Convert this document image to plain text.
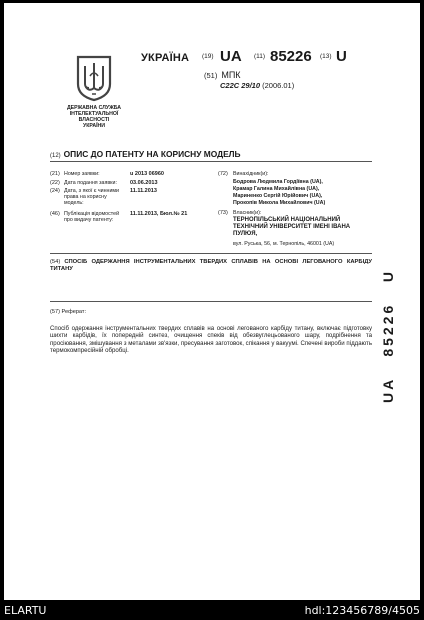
ДЕРЖАВНА СЛУЖБА
ІНТЕЛЕКТУАЛЬНОЇ
ВЛАСНОСТІ
УКРАЇНИ
УКРАЇНА (19) UA (11) 85226 (13) U
(51) МПК
C22C 29/10 (2006.01)
(12) ОПИС ДО ПАТЕНТУ НА КОРИСНУ МОДЕЛЬ
(21) Номер заявки:	u 2013 06960
(22) Дата подання заявки:	03.06.2013
(24) Дата, з якої є чинними права на корисну модель:
11.11.2013
(46) Публікація відомостей про видачу патенту:
11.11.2013, Бюл.№ 21
(72) Винахідник(и):
Бодрова Людмила Гордіївна (UA),
Крамар Галина Михайлівна (UA),
Мариненко Сергій Юрійович (UA),
Прокопів Микола Михайлович (UA)
(73) Власник(и):
ТЕРНОПІЛЬСЬКИЙ НАЦІОНАЛЬНИЙ
ТЕХНІЧНИЙ УНІВЕРСИТЕТ ІМЕНІ ІВАНА
ПУЛЮЯ,
вул. Руська, 56, м. Тернопіль, 46001 (UA)
(54) СПОСІБ ОДЕРЖАННЯ ІНСТРУМЕНТАЛЬНИХ ТВЕРДИХ СПЛАВІВ НА ОСНОВІ ЛЕГОВАНОГО КАРБІДУ ТИТАНУ
(57) Реферат:
Спосіб одержання інструментальних твердих сплавів на основі легованого карбіду титану, включає підготовку шихти карбідів, їх попередній синтез, очищення спеків від обезвуглецьованого шару, подрібнення та просіювання, змішування з металами зв'язки, пресування заготовок, спікання у вакуумі. Спечені вироби піддають термокомпресійній обробці.	UA   85226   U
ELARTU	hdl:123456789/4505
